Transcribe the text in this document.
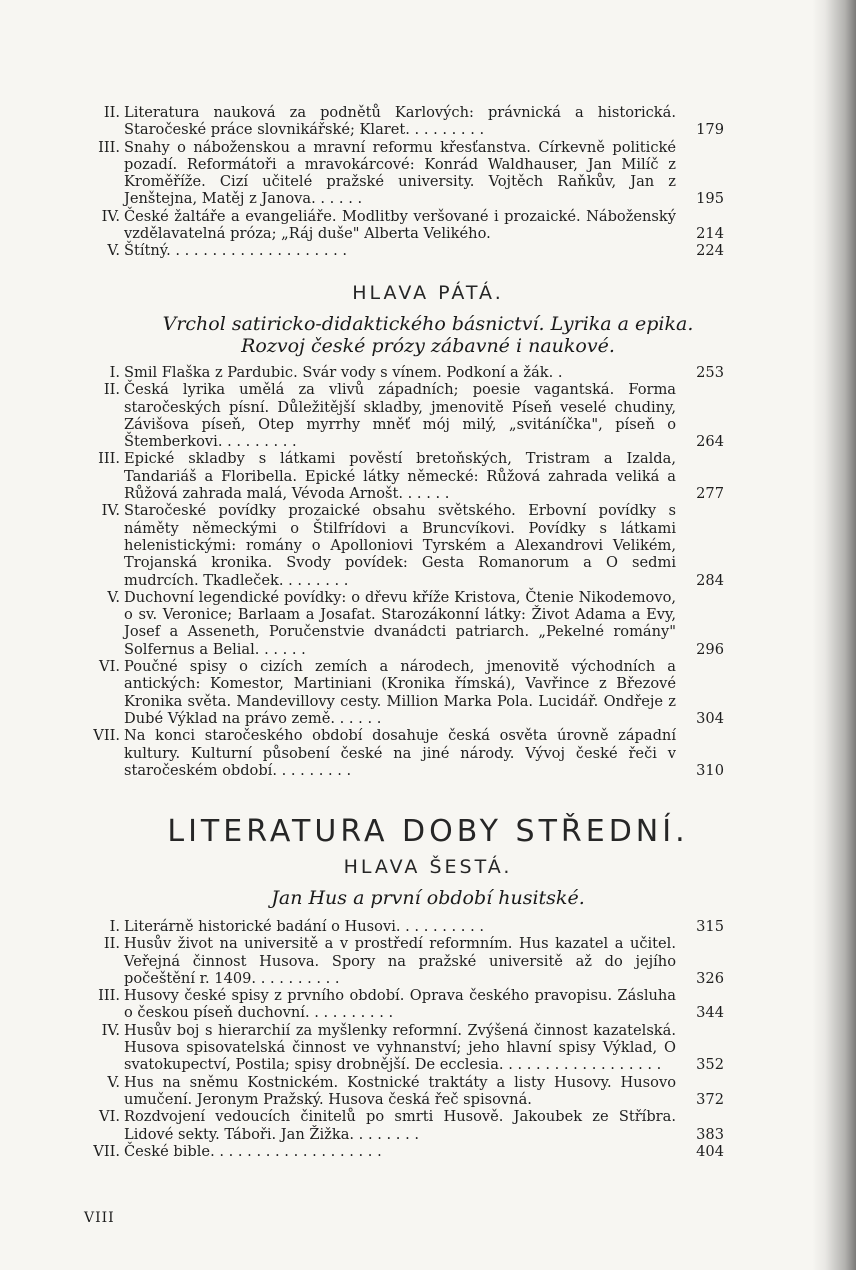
II. Literatura nauková za podnětů Karlových: právnická a historická. Staročeské práce slovnikářské; Klaret. . . . . . . . .	179
III. Snahy o náboženskou a mravní reformu křesťanstva. Církevně politické pozadí. Reformátoři a mravokárcové: Konrád Waldhauser, Jan Milíč z Kroměříže. Cizí učitelé pražské university. Vojtěch Raňkův, Jan z Jenštejna, Matěj z Janova. . . . . .	195
IV. České žaltáře a evangeliáře. Modlitby veršované i prozaické. Náboženský vzdělavatelná próza; „Ráj duše" Alberta Velikého.	214
V. Štítný. . . . . . . . . . . . . . . . . . . .	224
HLAVA PÁTÁ.
Vrchol satiricko-didaktického básnictví. Lyrika a epika.
Rozvoj české prózy zábavné i naukové.
I. Smil Flaška z Pardubic. Svár vody s vínem. Podkoní a žák. .	253
II. Česká lyrika umělá za vlivů západních; poesie vagantská. Forma staročeských písní. Důležitější skladby, jmenovitě Píseň veselé chudiny, Závišova píseň, Otep myrrhy mněť mój milý, „svitáníčka", píseň o Štemberkovi. . . . . . . . .	264
III. Epické skladby s látkami pověstí bretoňských, Tristram a Izalda, Tandariáš a Floribella. Epické látky německé: Růžová zahrada veliká a Růžová zahrada malá, Vévoda Arnošt. . . . . .	277
IV. Staročeské povídky prozaické obsahu světského. Erbovní povídky s náměty německými o Štilfrídovi a Bruncvíkovi. Povídky s látkami helenistickými: romány o Apolloniovi Tyrském a Alexandrovi Velikém, Trojanská kronika. Svody povídek: Gesta Romanorum a O sedmi mudrcích. Tkadleček. . . . . . . .	284
V. Duchovní legendické povídky: o dřevu kříže Kristova, Čtenie Nikodemovo, o sv. Veronice; Barlaam a Josafat. Starozákonní látky: Život Adama a Evy, Josef a Asseneth, Poručenstvie dvanádcti patriarch. „Pekelné romány" Solfernus a Belial. . . . . .	296
VI. Poučné spisy o cizích zemích a národech, jmenovitě východních a antických: Komestor, Martiniani (Kronika římská), Vavřince z Březové Kronika světa. Mandevillovy cesty. Million Marka Pola. Lucidář. Ondřeje z Dubé Výklad na právo země. . . . . .	304
VII. Na konci staročeského období dosahuje česká osvěta úrovně západní kultury. Kulturní působení české na jiné národy. Vývoj české řeči v staročeském období. . . . . . . . .	310
LITERATURA DOBY STŘEDNÍ.
HLAVA ŠESTÁ.
Jan Hus a první období husitské.
I. Literárně historické badání o Husovi. . . . . . . . . .	315
II. Husův život na universitě a v prostředí reformním. Hus kazatel a učitel. Veřejná činnost Husova. Spory na pražské universitě až do jejího počeštění r. 1409. . . . . . . . . .	326
III. Husovy české spisy z prvního období. Oprava českého pravopisu. Zásluha o českou píseň duchovní. . . . . . . . . .	344
IV. Husův boj s hierarchií za myšlenky reformní. Zvýšená činnost kazatelská. Husova spisovatelská činnost ve vyhnanství; jeho hlavní spisy Výklad, O svatokupectví, Postila; spisy drobnější. De ecclesia. . . . . . . . . . . . . . . . . .	352
V. Hus na sněmu Kostnickém. Kostnické traktáty a listy Husovy. Husovo umučení. Jeronym Pražský. Husova česká řeč spisovná.	372
VI. Rozdvojení vedoucích činitelů po smrti Husově. Jakoubek ze Stříbra. Lidové sekty. Táboři. Jan Žižka. . . . . . . .	383
VII. České bible. . . . . . . . . . . . . . . . . . .	404
VIII
